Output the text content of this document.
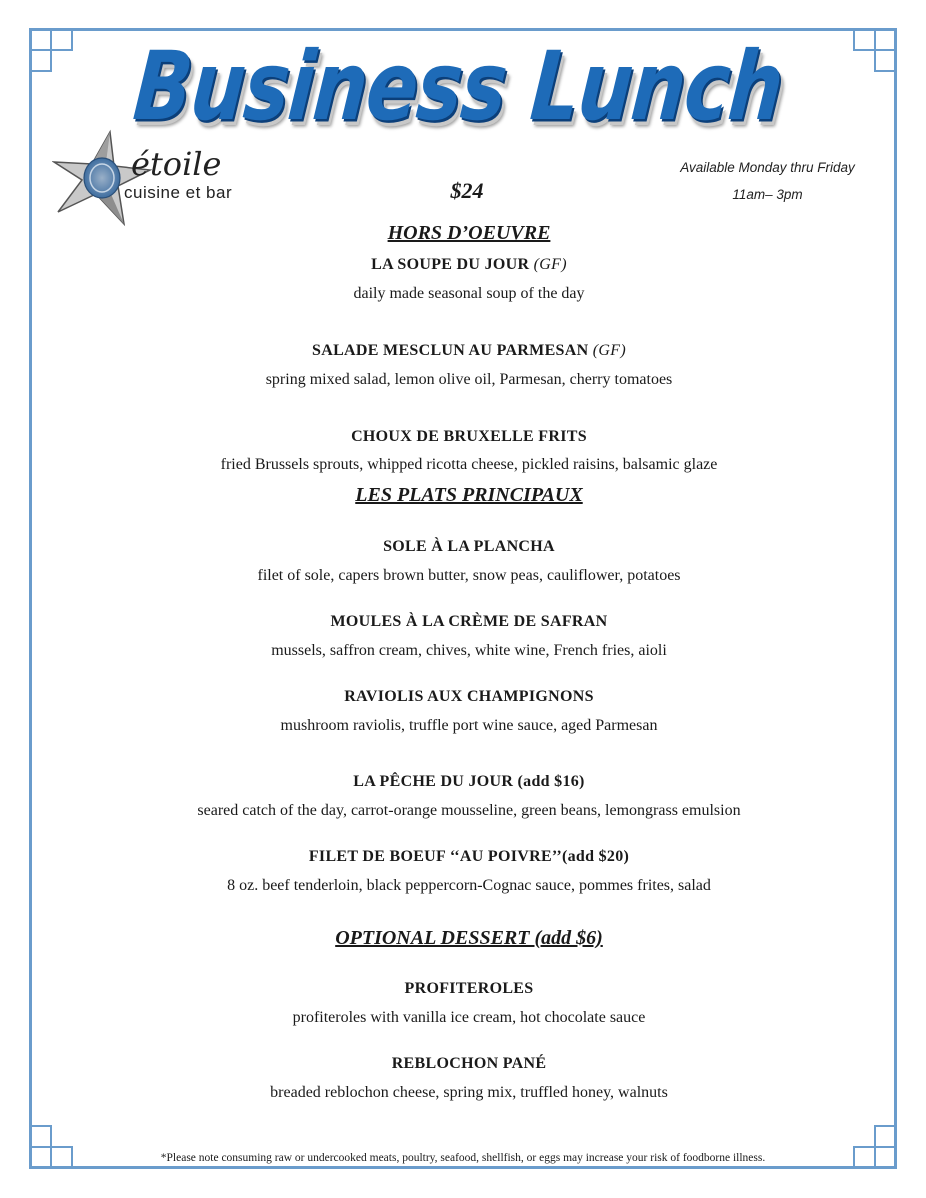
Business Lunch
étoile
cuisine et bar	$24
Available Monday thru Friday
11am– 3pm
HORS D’OEUVRE
LA SOUPE DU JOUR (GF)
daily made seasonal soup of the day
SALADE MESCLUN AU PARMESAN (GF)
spring mixed salad, lemon olive oil, Parmesan, cherry tomatoes
CHOUX DE BRUXELLE FRITS
fried Brussels sprouts, whipped ricotta cheese, pickled raisins, balsamic glaze
LES PLATS PRINCIPAUX
SOLE À LA PLANCHA
filet of sole, capers brown butter, snow peas, cauliflower, potatoes
MOULES À LA CRÈME DE SAFRAN
mussels, saffron cream, chives, white wine, French fries, aioli
RAVIOLIS AUX CHAMPIGNONS
mushroom raviolis, truffle port wine sauce, aged Parmesan
LA PÊCHE DU JOUR (add $16)
seared catch of the day, carrot-orange mousseline, green beans, lemongrass emulsion
FILET DE BOEUF ‘‘AU POIVRE’’(add $20)
8 oz. beef tenderloin, black peppercorn-Cognac sauce, pommes frites, salad
OPTIONAL DESSERT (add $6)
PROFITEROLES
profiteroles with vanilla ice cream, hot chocolate sauce
REBLOCHON PANÉ
breaded reblochon cheese, spring mix, truffled honey, walnuts
*Please note consuming raw or undercooked meats, poultry, seafood, shellfish, or eggs may increase your risk of foodborne illness.
